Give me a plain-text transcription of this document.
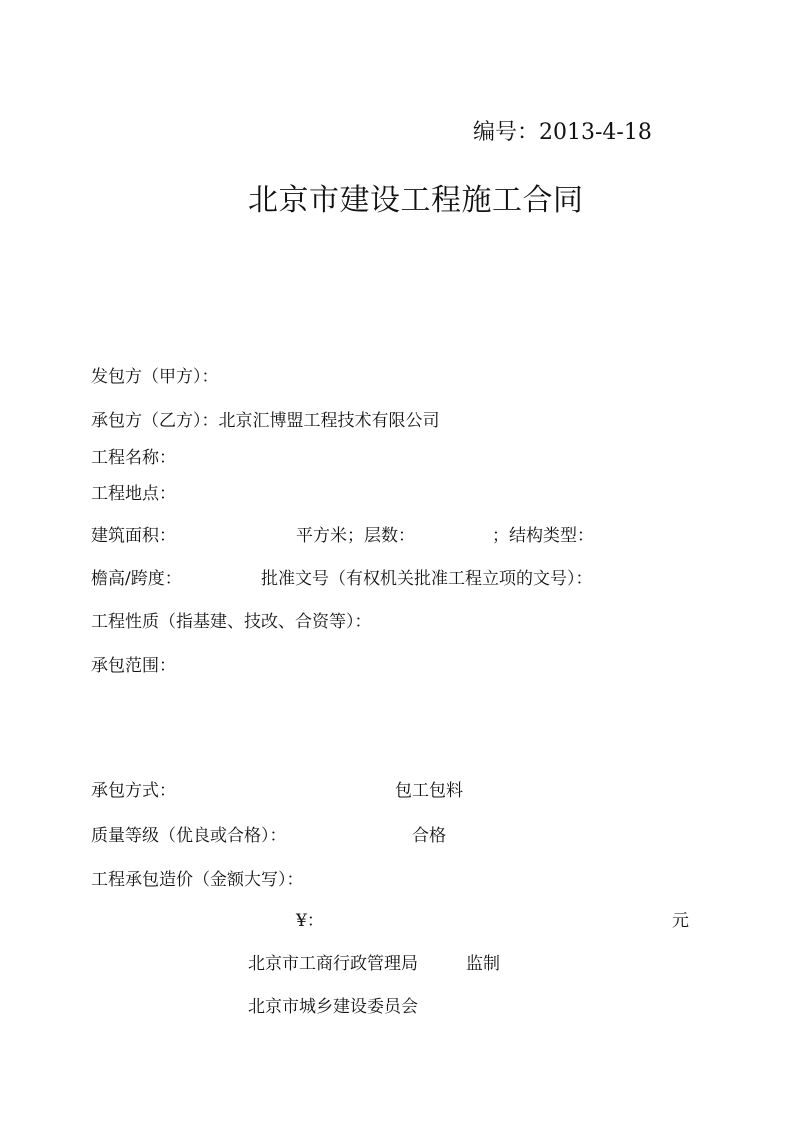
编号：2013-4-18
北京市建设工程施工合同
发包方（甲方）：
承包方（乙方）：北京汇博盟工程技术有限公司
工程名称：
工程地点：
建筑面积：	平方米；层数：	；结构类型：
檐高/跨度：	批准文号（有权机关批准工程立项的文号）：
工程性质（指基建、技改、合资等）：
承包范围：
承包方式：	包工包料
质量等级（优良或合格）：	合格
工程承包造价（金额大写）：
¥：	元
北京市工商行政管理局	监制
北京市城乡建设委员会
